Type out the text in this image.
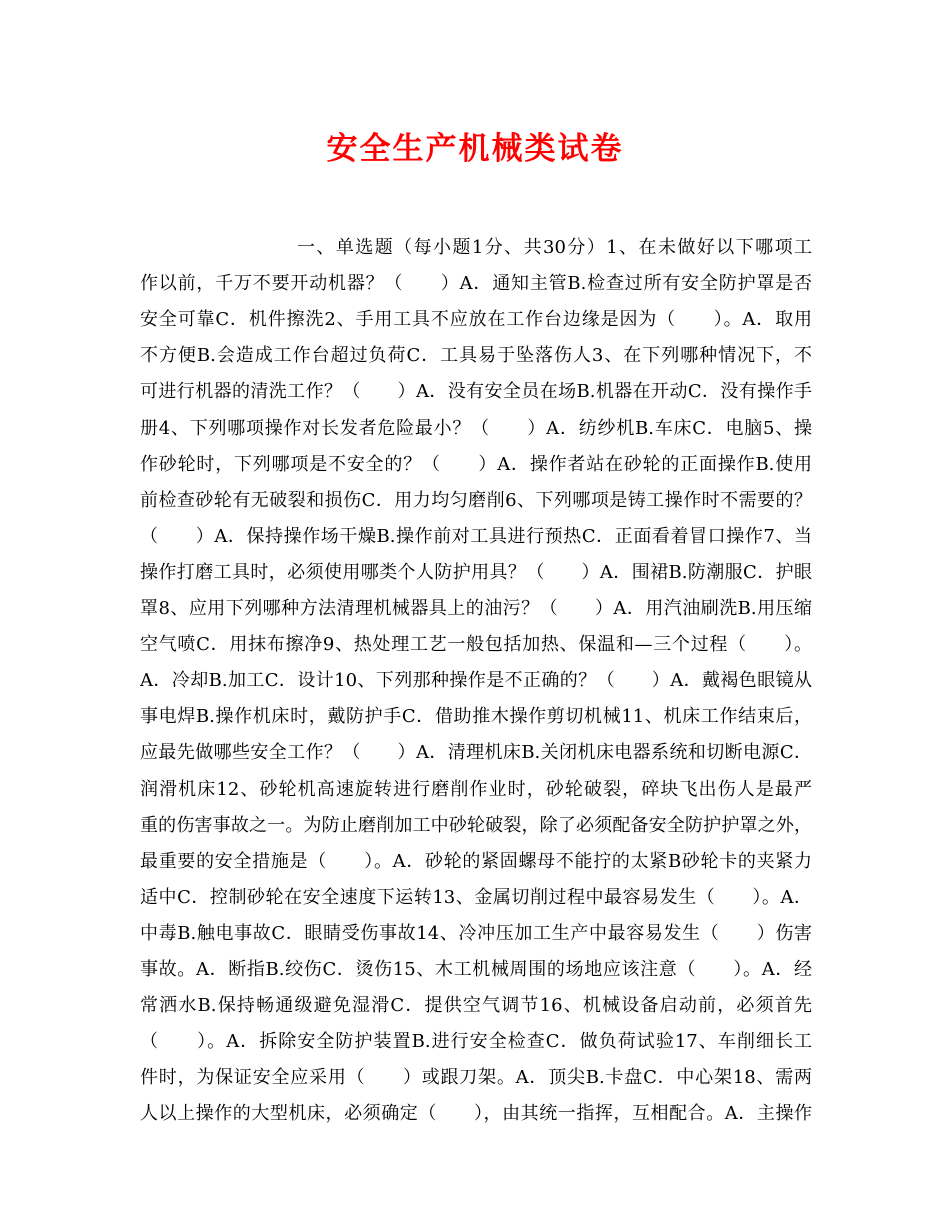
安全生产机械类试卷
一、单选题（每小题1分、共30分）1、在未做好以下哪项工
作以前，千万不要开动机器？（　　）A．通知主管B.检查过所有安全防护罩是否
安全可靠C．机件擦洗2、手用工具不应放在工作台边缘是因为（　　）。A．取用
不方便B.会造成工作台超过负荷C．工具易于坠落伤人3、在下列哪种情况下，不
可进行机器的清洗工作？（　　）A．没有安全员在场B.机器在开动C．没有操作手
册4、下列哪项操作对长发者危险最小？（　　）A．纺纱机B.车床C．电脑5、操
作砂轮时，下列哪项是不安全的？（　　）A．操作者站在砂轮的正面操作B.使用
前检查砂轮有无破裂和损伤C．用力均匀磨削6、下列哪项是铸工操作时不需要的？
（　　）A．保持操作场干燥B.操作前对工具进行预热C．正面看着冒口操作7、当
操作打磨工具时，必须使用哪类个人防护用具？（　　）A．围裙B.防潮服C．护眼
罩8、应用下列哪种方法清理机械器具上的油污？（　　）A．用汽油刷洗B.用压缩
空气喷C．用抹布擦净9、热处理工艺一般包括加热、保温和—三个过程（　　）。
A．冷却B.加工C．设计10、下列那种操作是不正确的？（　　）A．戴褐色眼镜从
事电焊B.操作机床时，戴防护手C．借助推木操作剪切机械11、机床工作结束后，
应最先做哪些安全工作？（　　）A．清理机床B.关闭机床电器系统和切断电源C．
润滑机床12、砂轮机高速旋转进行磨削作业时，砂轮破裂，碎块飞出伤人是最严
重的伤害事故之一。为防止磨削加工中砂轮破裂，除了必须配备安全防护护罩之外，
最重要的安全措施是（　　）。A．砂轮的紧固螺母不能拧的太紧B砂轮卡的夹紧力
适中C．控制砂轮在安全速度下运转13、金属切削过程中最容易发生（　　）。A．
中毒B.触电事故C．眼睛受伤事故14、冷冲压加工生产中最容易发生（　　）伤害
事故。A．断指B.绞伤C．烫伤15、木工机械周围的场地应该注意（　　）。A．经
常洒水B.保持畅通级避免湿滑C．提供空气调节16、机械设备启动前，必须首先
（　　）。A．拆除安全防护装置B.进行安全检查C．做负荷试验17、车削细长工
件时，为保证安全应采用（　　）或跟刀架。A．顶尖B.卡盘C．中心架18、需两
人以上操作的大型机床，必须确定（　　），由其统一指挥，互相配合。A．主操作
